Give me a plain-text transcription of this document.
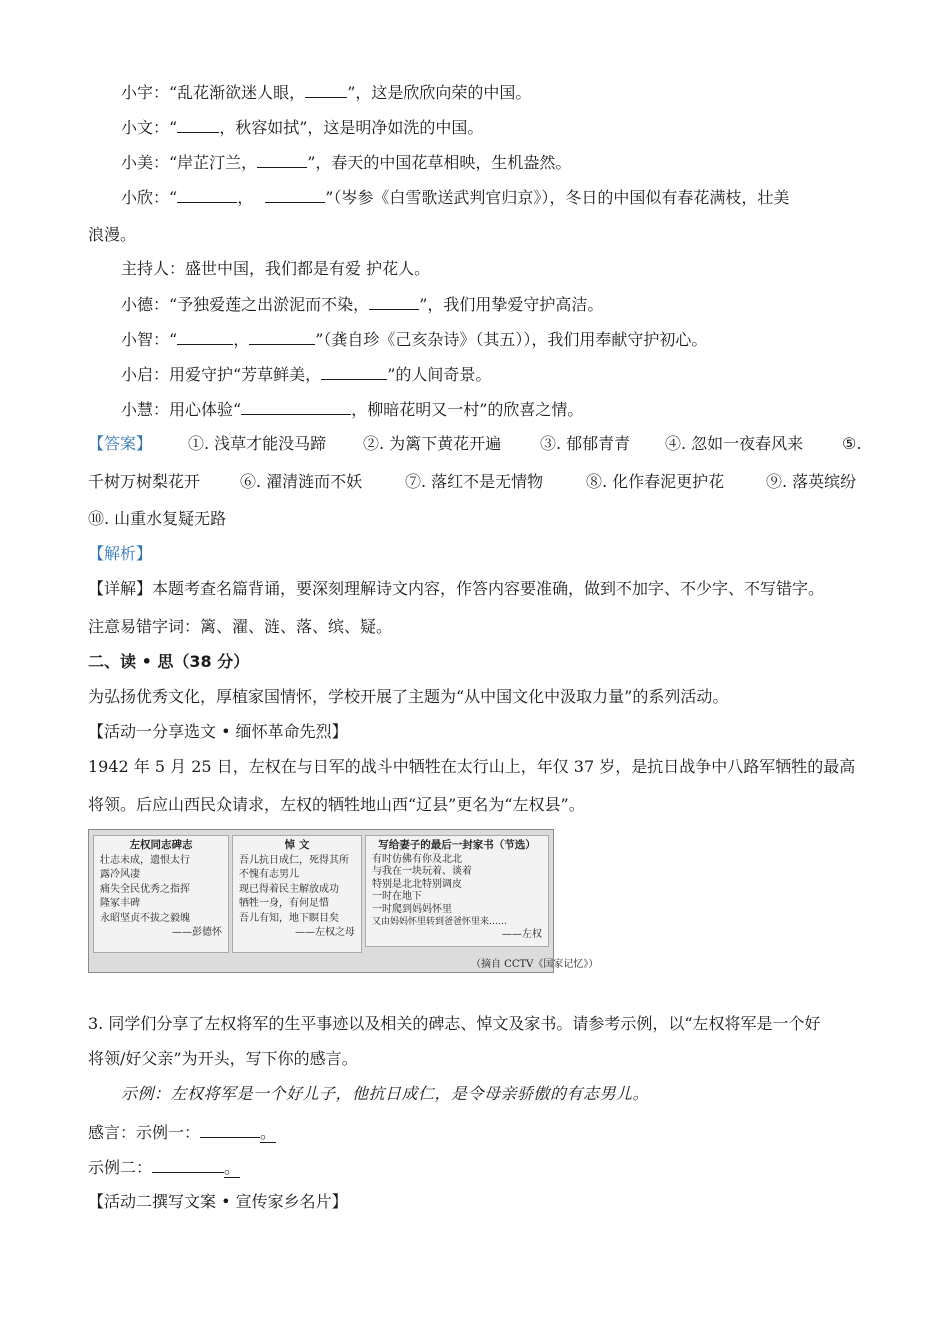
小宇：“乱花渐欲迷人眼，	”，这是欣欣向荣的中国。
小文：“	，秋容如拭”，这是明净如洗的中国。
小美：“岸芷汀兰，	”，春天的中国花草相映，生机盎然。
小欣：“	，	”（岑参《白雪歌送武判官归京》），冬日的中国似有春花满枝，壮美
浪漫。
主持人：盛世中国，我们都是有爱 护花人。
小德：“予独爱莲之出淤泥而不染，	”，我们用挚爱守护高洁。
小智：“	，	”（龚自珍《己亥杂诗》（其五）），我们用奉献守护初心。
小启：用爱守护“芳草鲜美，	”的人间奇景。
小慧：用心体验“	，柳暗花明又一村”的欣喜之情。
【答案】 ①. 浅草才能没马蹄 ②. 为篱下黄花开遍 ③. 郁郁青青 ④. 忽如一夜春风来 ⑤.
千树万树梨花开 ⑥. 濯清涟而不妖	⑦. 落红不是无情物	⑧. 化作春泥更护花	⑨. 落英缤纷
⑩. 山重水复疑无路
【解析】
【详解】本题考查名篇背诵，要深刻理解诗文内容，作答内容要准确，做到不加字、不少字、不写错字。
注意易错字词：篱、濯、涟、落、缤、疑。
二、读 • 思（38 分）
为弘扬优秀文化，厚植家国情怀，学校开展了主题为“从中国文化中汲取力量”的系列活动。
【活动一分享选文 • 缅怀革命先烈】
1942 年 5 月 25 日，左权在与日军的战斗中牺牲在太行山上，年仅 37 岁，是抗日战争中八路军牺牲的最高
将领。后应山西民众请求，左权的牺牲地山西“辽县”更名为“左权县”。
左权同志碑志
壮志未成，遗恨太行
露冷风凄
痛失全民优秀之指挥
隆冢丰碑
永昭坚贞不拔之毅魄
——彭德怀
悼 文
吾儿抗日成仁，死得其所
不愧有志男儿
现已得着民主解放成功
牺牲一身，有何足惜
吾儿有知，地下瞑目矣
——左权之母
写给妻子的最后一封家书（节选）
有时仿佛有你及北北
与我在一块玩着、谈着
特别是北北特别调皮
一时在地下
一时爬到妈妈怀里
又由妈妈怀里转到爸爸怀里来……
——左权
（摘自 CCTV《国家记忆》）
3. 同学们分享了左权将军的生平事迹以及相关的碑志、悼文及家书。请参考示例，以“左权将军是一个好
将领/好父亲”为开头，写下你的感言。
示例：左权将军是一个好儿子，他抗日成仁，是令母亲骄傲的有志男儿。
感言：示例一：	。
示例二：	。
【活动二撰写文案 • 宣传家乡名片】
